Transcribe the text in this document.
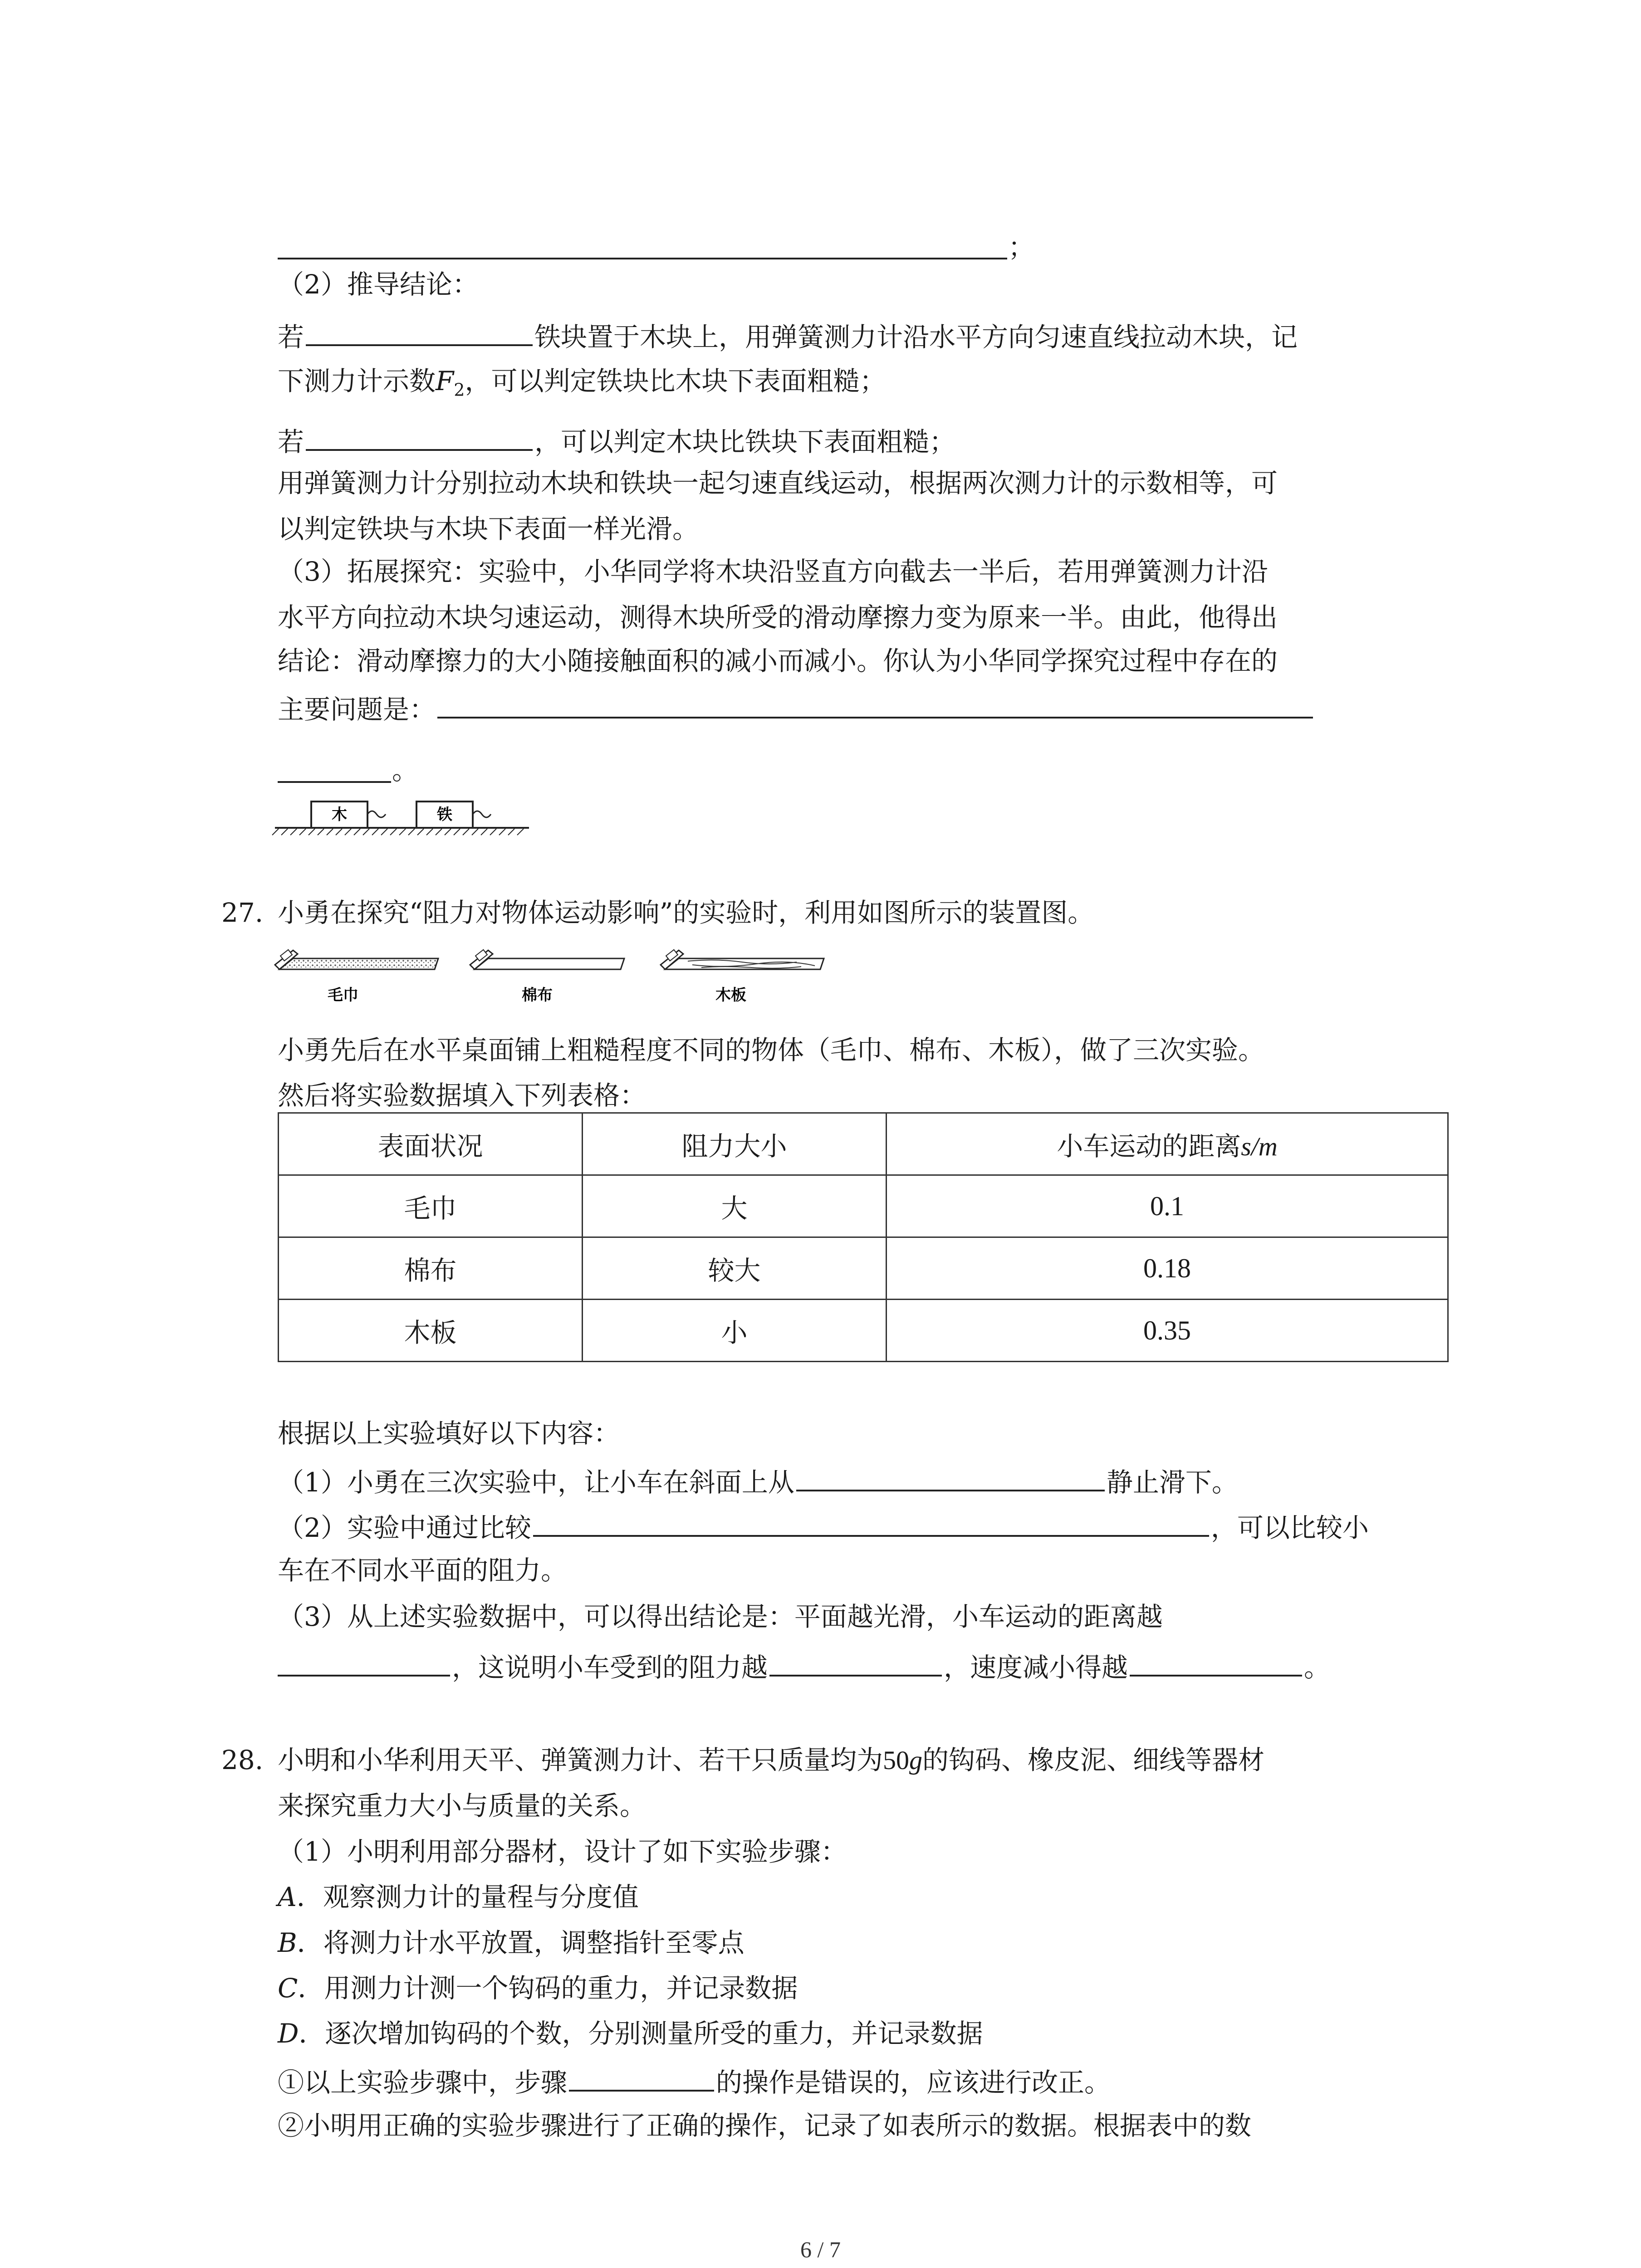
；
（2）推导结论：
若	铁块置于木块上，用弹簧测力计沿水平方向匀速直线拉动木块，记
下测力计示数$F_2$，可以判定铁块比木块下表面粗糙；
若	，可以判定木块比铁块下表面粗糙；
用弹簧测力计分别拉动木块和铁块一起匀速直线运动，根据两次测力计的示数相等，可
以判定铁块与木块下表面一样光滑。
（3）拓展探究：实验中，小华同学将木块沿竖直方向截去一半后，若用弹簧测力计沿
水平方向拉动木块匀速运动，测得木块所受的滑动摩擦力变为原来一半。由此，他得出
结论：滑动摩擦力的大小随接触面积的减小而减小。你认为小华同学探究过程中存在的
主要问题是：
。
木	铁
27. 小勇在探究“阻力对物体运动影响”的实验时，利用如图所示的装置图。
毛巾	棉布	木板
小勇先后在水平桌面铺上粗糙程度不同的物体（毛巾、棉布、木板），做了三次实验。
然后将实验数据填入下列表格：
表面状况	阻力大小	小车运动的距离s/m
毛巾	大	0.1
棉布	较大	0.18
木板	小	0.35
根据以上实验填好以下内容：
（1）小勇在三次实验中，让小车在斜面上从	静止滑下。
（2）实验中通过比较	，可以比较小
车在不同水平面的阻力。
（3）从上述实验数据中，可以得出结论是：平面越光滑，小车运动的距离越
，这说明小车受到的阻力越	，速度减小得越	。
28. 小明和小华利用天平、弹簧测力计、若干只质量均为50g的钩码、橡皮泥、细线等器材
来探究重力大小与质量的关系。
（1）小明利用部分器材，设计了如下实验步骤：
A．观察测力计的量程与分度值
B．将测力计水平放置，调整指针至零点
C．用测力计测一个钩码的重力，并记录数据
D．逐次增加钩码的个数，分别测量所受的重力，并记录数据
①以上实验步骤中，步骤	的操作是错误的，应该进行改正。
②小明用正确的实验步骤进行了正确的操作，记录了如表所示的数据。根据表中的数
6 / 7
